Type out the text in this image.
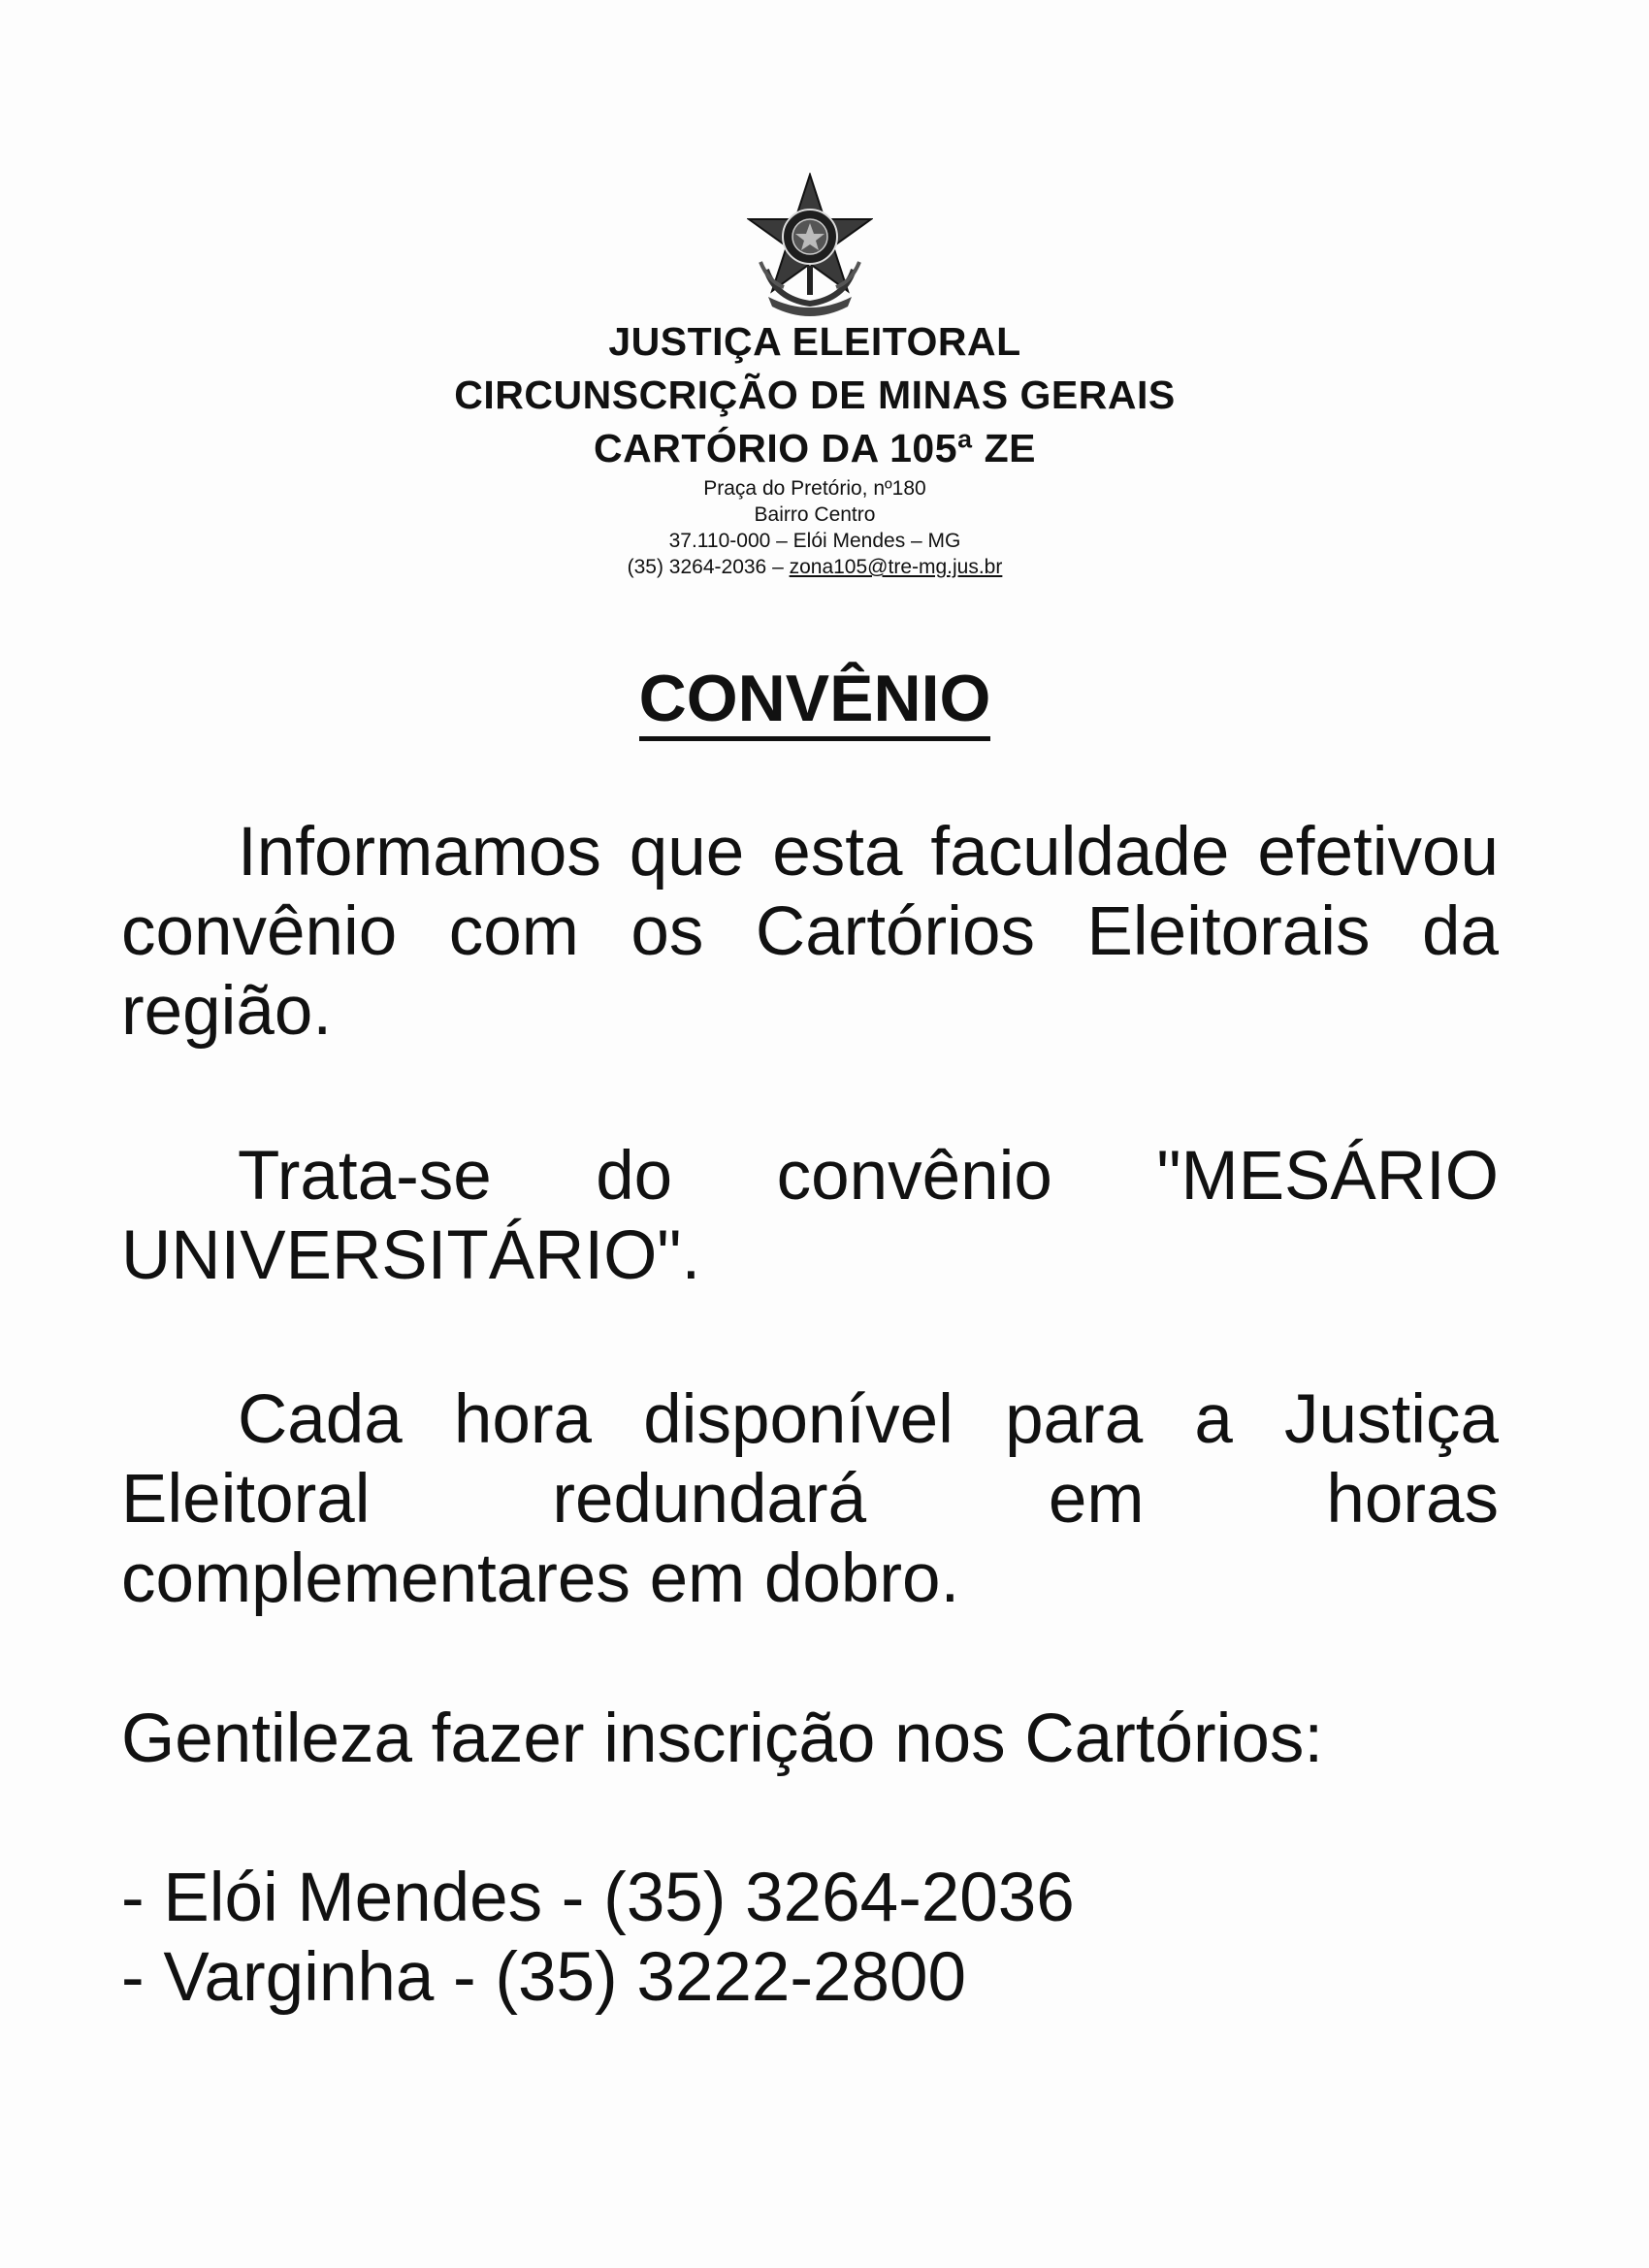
JUSTIÇA ELEITORAL
CIRCUNSCRIÇÃO DE MINAS GERAIS
CARTÓRIO DA 105ª ZE
Praça do Pretório, nº180
Bairro Centro
37.110-000 – Elói Mendes – MG
(35) 3264-2036 – zona105@tre-mg.jus.br
CONVÊNIO
Informamos que esta faculdade efetivou convênio com os Cartórios Eleitorais da região.
Trata-se do convênio "MESÁRIO UNIVERSITÁRIO".
Cada hora disponível para a Justiça Eleitoral redundará em horas complementares em dobro.
Gentileza fazer inscrição nos Cartórios:
- Elói Mendes - (35) 3264-2036
- Varginha - (35) 3222-2800
